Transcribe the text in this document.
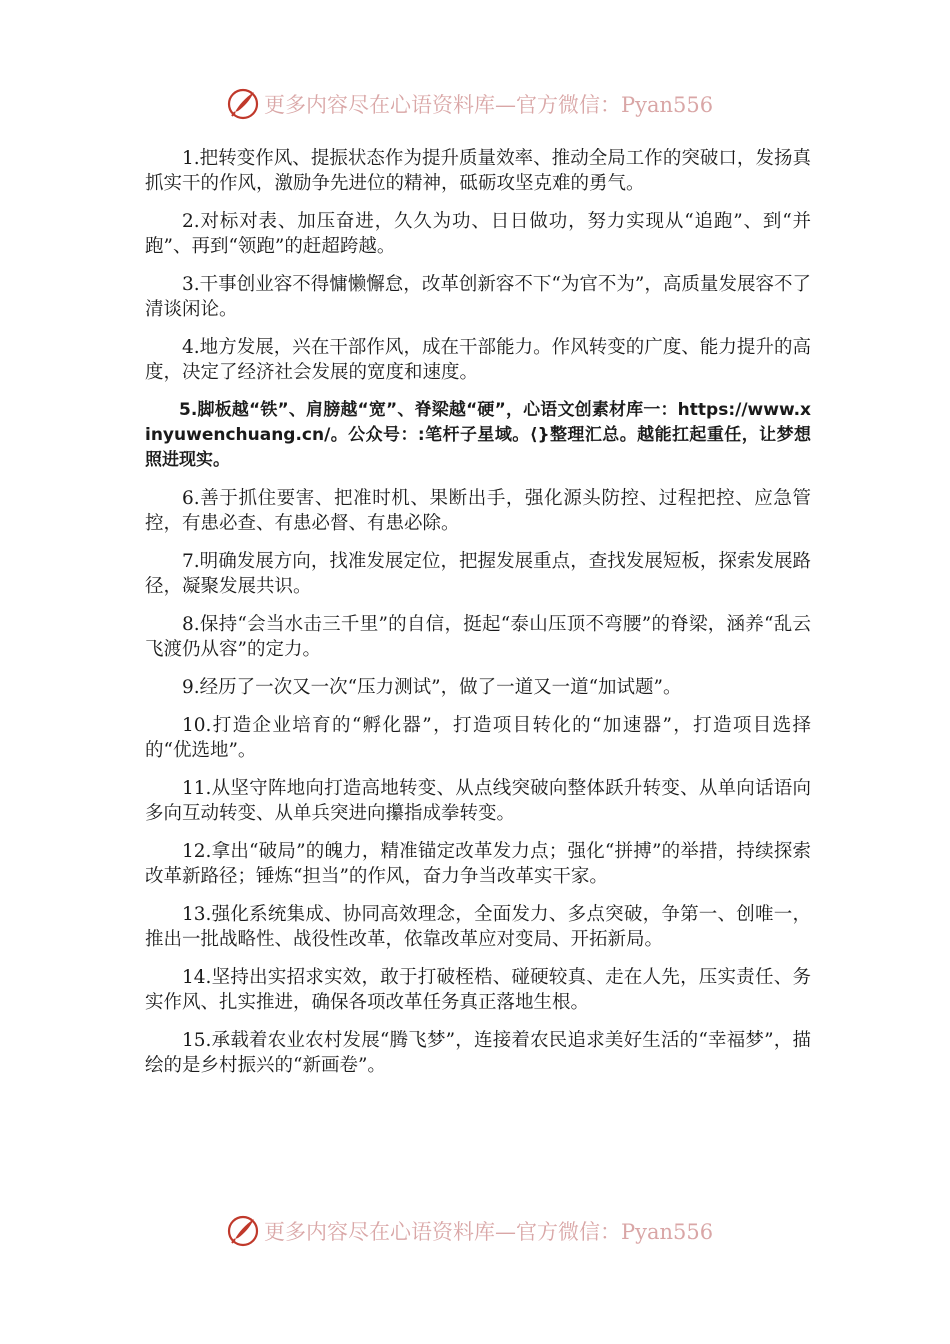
更多内容尽在心语资料库—官方微信：Pyan556

1.把转变作风、提振状态作为提升质量效率、推动全局工作的突破口，发扬真抓实干的作风，激励争先进位的精神，砥砺攻坚克难的勇气。

2.对标对表、加压奋进，久久为功、日日做功，努力实现从“追跑”、到“并跑”、再到“领跑”的赶超跨越。

3.干事创业容不得慵懒懈怠，改革创新容不下“为官不为”，高质量发展容不了清谈闲论。

4.地方发展，兴在干部作风，成在干部能力。作风转变的广度、能力提升的高度，决定了经济社会发展的宽度和速度。

5.脚板越“铁”、肩膀越“宽”、脊梁越“硬”，心语文创素材库一：https://www.xinyuwenchuang.cn/。公众号：:笔杆子星域。⟨}整理汇总。越能扛起重任，让梦想照进现实。

6.善于抓住要害、把准时机、果断出手，强化源头防控、过程把控、应急管控，有患必查、有患必督、有患必除。

7.明确发展方向，找准发展定位，把握发展重点，查找发展短板，探索发展路径，凝聚发展共识。

8.保持“会当水击三千里”的自信，挺起“泰山压顶不弯腰”的脊梁，涵养“乱云飞渡仍从容”的定力。

9.经历了一次又一次“压力测试”，做了一道又一道“加试题”。

10.打造企业培育的“孵化器”，打造项目转化的“加速器”，打造项目选择的“优选地”。

11.从坚守阵地向打造高地转变、从点线突破向整体跃升转变、从单向话语向多向互动转变、从单兵突进向攥指成拳转变。

12.拿出“破局”的魄力，精准锚定改革发力点；强化“拼搏”的举措，持续探索改革新路径；锤炼“担当”的作风，奋力争当改革实干家。

13.强化系统集成、协同高效理念，全面发力、多点突破，争第一、创唯一，推出一批战略性、战役性改革，依靠改革应对变局、开拓新局。

14.坚持出实招求实效，敢于打破桎梏、碰硬较真、走在人先，压实责任、务实作风、扎实推进，确保各项改革任务真正落地生根。

15.承载着农业农村发展“腾飞梦”，连接着农民追求美好生活的“幸福梦”，描绘的是乡村振兴的“新画卷”。

更多内容尽在心语资料库—官方微信：Pyan556
